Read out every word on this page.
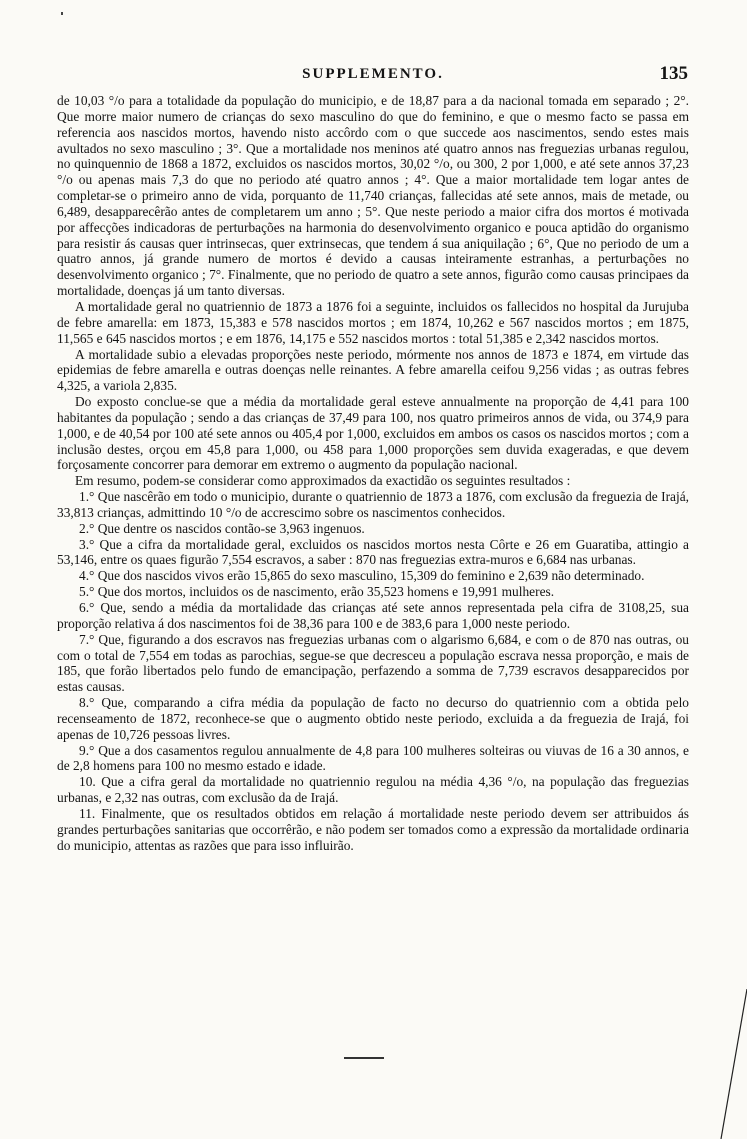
SUPPLEMENTO.	135

de 10,03 °/o para a totalidade da população do municipio, e de 18,87 para a da nacional tomada em separado ; 2°. Que morre maior numero de crianças do sexo masculino do que do feminino, e que o mesmo facto se passa em referencia aos nascidos mortos, havendo nisto accôrdo com o que succede aos nascimentos, sendo estes mais avultados no sexo masculino ; 3°. Que a mortalidade nos meninos até quatro annos nas freguezias urbanas regulou, no quinquennio de 1868 a 1872, excluidos os nascidos mortos, 30,02 °/o, ou 300, 2 por 1,000, e até sete annos 37,23 °/o ou apenas mais 7,3 do que no periodo até quatro annos ; 4°. Que a maior mortalidade tem logar antes de completar-se o primeiro anno de vida, porquanto de 11,740 crianças, fallecidas até sete annos, mais de metade, ou 6,489, desapparecêrão antes de completarem um anno ; 5°. Que neste periodo a maior cifra dos mortos é motivada por affecções indicadoras de perturbações na harmonia do desenvolvimento organico e pouca aptidão do organismo para resistir ás causas quer intrinsecas, quer extrinsecas, que tendem á sua aniquilação ; 6°, Que no periodo de um a quatro annos, já grande numero de mortos é devido a causas inteiramente estranhas, a perturbações no desenvolvimento organico ; 7°. Finalmente, que no periodo de quatro a sete annos, figurão como causas principaes da mortalidade, doenças já um tanto diversas.

A mortalidade geral no quatriennio de 1873 a 1876 foi a seguinte, incluidos os fallecidos no hospital da Jurujuba de febre amarella: em 1873, 15,383 e 578 nascidos mortos ; em 1874, 10,262 e 567 nascidos mortos ; em 1875, 11,565 e 645 nascidos mortos ; e em 1876, 14,175 e 552 nascidos mortos : total 51,385 e 2,342 nascidos mortos.

A mortalidade subio a elevadas proporções neste periodo, mórmente nos annos de 1873 e 1874, em virtude das epidemias de febre amarella e outras doenças nelle reinantes. A febre amarella ceifou 9,256 vidas ; as outras febres 4,325, a variola 2,835.

Do exposto conclue-se que a média da mortalidade geral esteve annualmente na proporção de 4,41 para 100 habitantes da população ; sendo a das crianças de 37,49 para 100, nos quatro primeiros annos de vida, ou 374,9 para 1,000, e de 40,54 por 100 até sete annos ou 405,4 por 1,000, excluidos em ambos os casos os nascidos mortos ; com a inclusão destes, orçou em 45,8 para 1,000, ou 458 para 1,000 proporções sem duvida exageradas, e que devem forçosamente concorrer para demorar em extremo o augmento da população nacional.

Em resumo, podem-se considerar como approximados da exactidão os seguintes resultados :

1.° Que nascêrão em todo o municipio, durante o quatriennio de 1873 a 1876, com exclusão da freguezia de Irajá, 33,813 crianças, admittindo 10 °/o de accrescimo sobre os nascimentos conhecidos.

2.° Que dentre os nascidos contão-se 3,963 ingenuos.

3.° Que a cifra da mortalidade geral, excluidos os nascidos mortos nesta Côrte e 26 em Guaratiba, attingio a 53,146, entre os quaes figurão 7,554 escravos, a saber : 870 nas freguezias extra-muros e 6,684 nas urbanas.

4.° Que dos nascidos vivos erão 15,865 do sexo masculino, 15,309 do feminino e 2,639 não determinado.

5.° Que dos mortos, incluidos os de nascimento, erão 35,523 homens e 19,991 mulheres.

6.° Que, sendo a média da mortalidade das crianças até sete annos representada pela cifra de 3108,25, sua proporção relativa á dos nascimentos foi de 38,36 para 100 e de 383,6 para 1,000 neste periodo.

7.° Que, figurando a dos escravos nas freguezias urbanas com o algarismo 6,684, e com o de 870 nas outras, ou com o total de 7,554 em todas as parochias, segue-se que decresceu a população escrava nessa proporção, e mais de 185, que forão libertados pelo fundo de emancipação, perfazendo a somma de 7,739 escravos desapparecidos por estas causas.

8.° Que, comparando a cifra média da população de facto no decurso do quatriennio com a obtida pelo recenseamento de 1872, reconhece-se que o augmento obtido neste periodo, excluida a da freguezia de Irajá, foi apenas de 10,726 pessoas livres.

9.° Que a dos casamentos regulou annualmente de 4,8 para 100 mulheres solteiras ou viuvas de 16 a 30 annos, e de 2,8 homens para 100 no mesmo estado e idade.

10. Que a cifra geral da mortalidade no quatriennio regulou na média 4,36 °/o, na população das freguezias urbanas, e 2,32 nas outras, com exclusão da de Irajá.

11. Finalmente, que os resultados obtidos em relação á mortalidade neste periodo devem ser attribuidos ás grandes perturbações sanitarias que occorrêrão, e não podem ser tomados como a expressão da mortalidade ordinaria do municipio, attentas as razões que para isso influirão.
